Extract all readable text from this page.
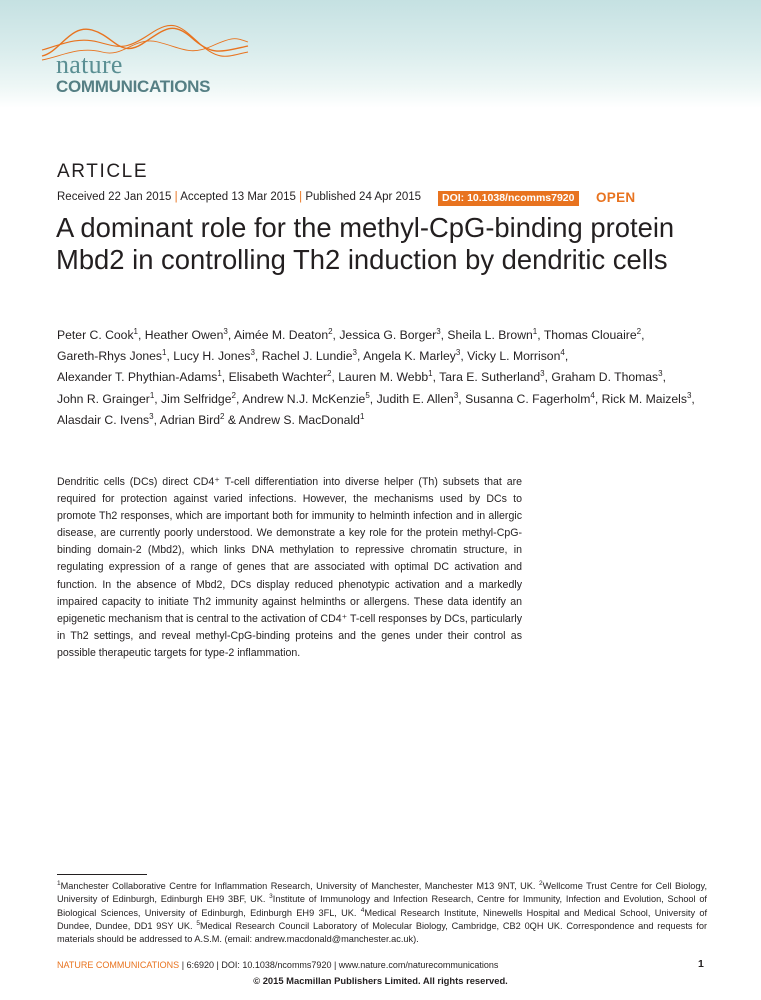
nature
COMMUNICATIONS
ARTICLE
Received 22 Jan 2015 | Accepted 13 Mar 2015 | Published 24 Apr 2015	DOI: 10.1038/ncomms7920 OPEN
A dominant role for the methyl-CpG-binding protein Mbd2 in controlling Th2 induction by dendritic cells

Peter C. Cook$^1$, Heather Owen$^3$, Aimée M. Deaton$^2$, Jessica G. Borger$^3$, Sheila L. Brown$^1$, Thomas Clouaire$^2$, Gareth-Rhys Jones$^1$, Lucy H. Jones$^3$, Rachel J. Lundie$^3$, Angela K. Marley$^3$, Vicky L. Morrison$^4$, Alexander T. Phythian-Adams$^1$, Elisabeth Wachter$^2$, Lauren M. Webb$^1$, Tara E. Sutherland$^3$, Graham D. Thomas$^3$, John R. Grainger$^1$, Jim Selfridge$^2$, Andrew N.J. McKenzie$^5$, Judith E. Allen$^3$, Susanna C. Fagerholm$^4$, Rick M. Maizels$^3$, Alasdair C. Ivens$^3$, Adrian Bird$^2$ & Andrew S. MacDonald$^1$

Dendritic cells (DCs) direct CD4⁺ T-cell differentiation into diverse helper (Th) subsets that are required for protection against varied infections. However, the mechanisms used by DCs to promote Th2 responses, which are important both for immunity to helminth infection and in allergic disease, are currently poorly understood. We demonstrate a key role for the protein methyl-CpG-binding domain-2 (Mbd2), which links DNA methylation to repressive chromatin structure, in regulating expression of a range of genes that are associated with optimal DC activation and function. In the absence of Mbd2, DCs display reduced phenotypic activation and a markedly impaired capacity to initiate Th2 immunity against helminths or allergens. These data identify an epigenetic mechanism that is central to the activation of CD4⁺ T-cell responses by DCs, particularly in Th2 settings, and reveal methyl-CpG-binding proteins and the genes under their control as possible therapeutic targets for type-2 inflammation.

$^1$Manchester Collaborative Centre for Inflammation Research, University of Manchester, Manchester M13 9NT, UK. $^2$Wellcome Trust Centre for Cell Biology, University of Edinburgh, Edinburgh EH9 3BF, UK. $^3$Institute of Immunology and Infection Research, Centre for Immunity, Infection and Evolution, School of Biological Sciences, University of Edinburgh, Edinburgh EH9 3FL, UK. $^4$Medical Research Institute, Ninewells Hospital and Medical School, University of Dundee, Dundee, DD1 9SY UK. $^5$Medical Research Council Laboratory of Molecular Biology, Cambridge, CB2 0QH UK. Correspondence and requests for materials should be addressed to A.S.M. (email: andrew.macdonald@manchester.ac.uk).

NATURE COMMUNICATIONS | 6:6920 | DOI: 10.1038/ncomms7920 | www.nature.com/naturecommunications	1
© 2015 Macmillan Publishers Limited. All rights reserved.
